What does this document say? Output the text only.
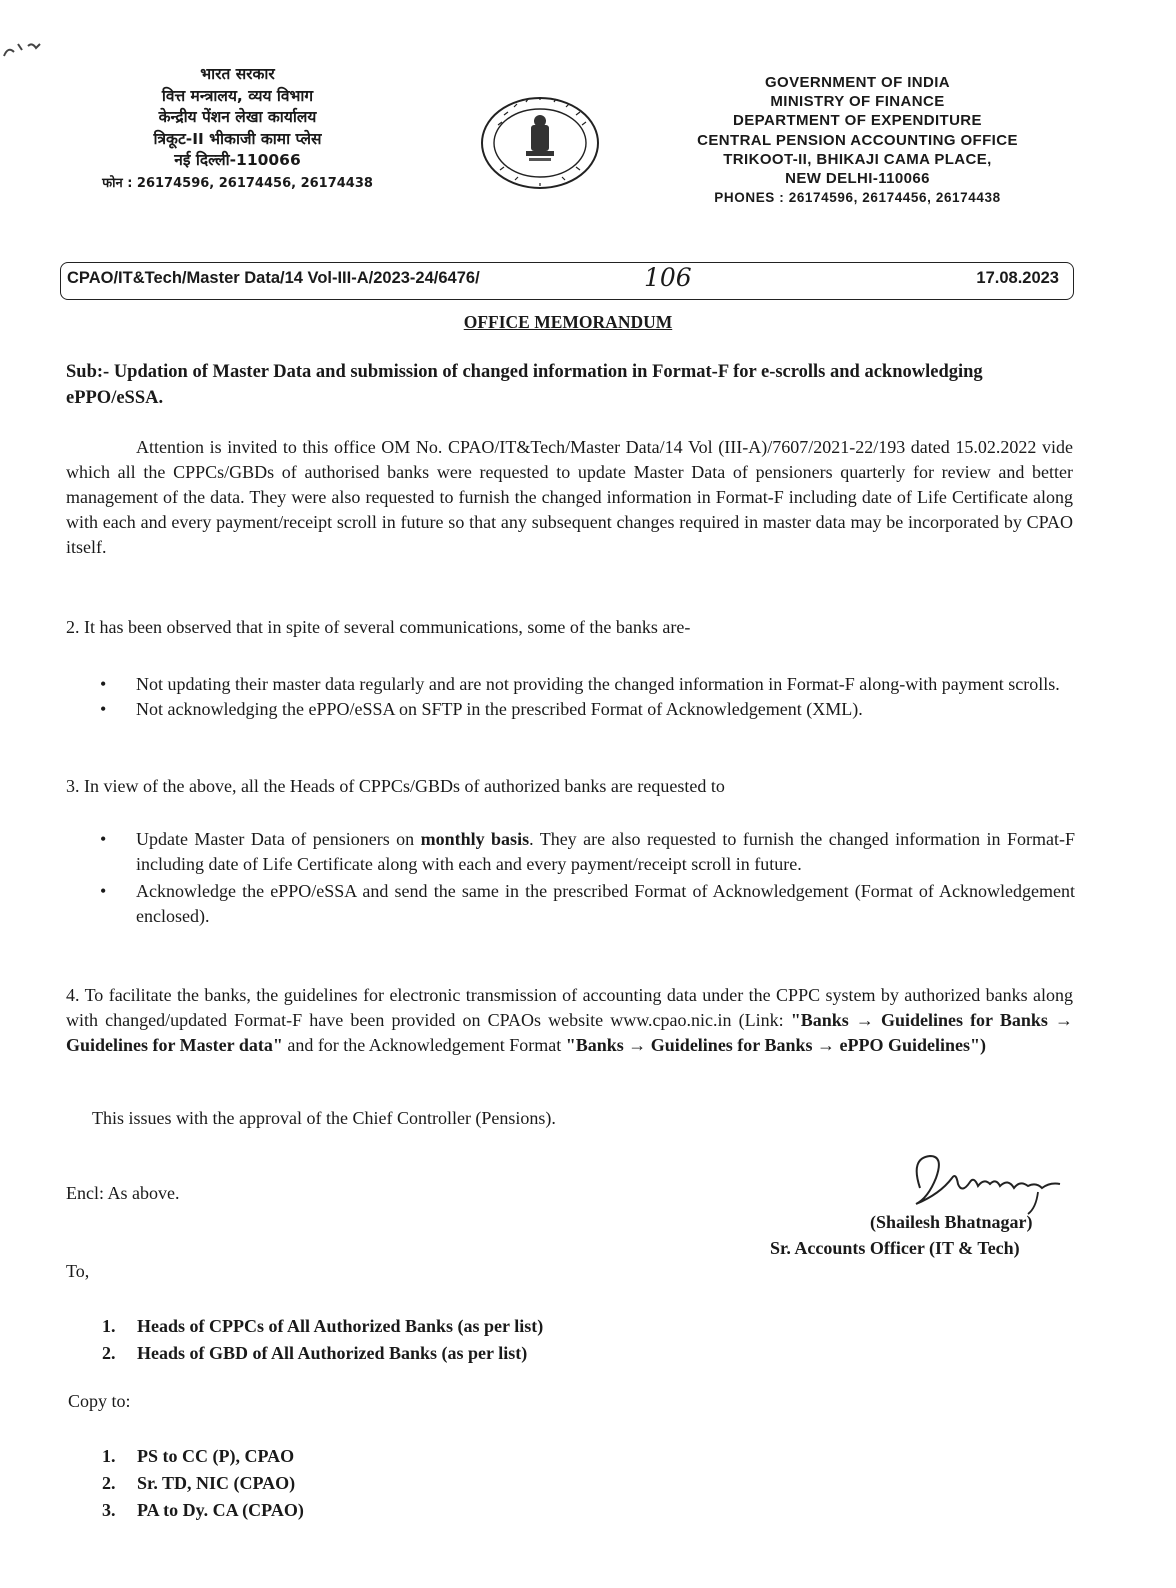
भारत सरकार
वित्त मन्त्रालय, व्यय विभाग
केन्द्रीय पेंशन लेखा कार्यालय
त्रिकूट-II भीकाजी कामा प्लेस
नई दिल्ली-110066
फोन : 26174596, 26174456, 26174438
GOVERNMENT OF INDIA
MINISTRY OF FINANCE
DEPARTMENT OF EXPENDITURE
CENTRAL PENSION ACCOUNTING OFFICE
TRIKOOT-II, BHIKAJI CAMA PLACE,
NEW DELHI-110066
PHONES : 26174596, 26174456, 26174438
CPAO/IT&Tech/Master Data/14 Vol-III-A/2023-24/6476/	106	17.08.2023
OFFICE MEMORANDUM
Sub:- Updation of Master Data and submission of changed information in Format-F for e-scrolls and acknowledging ePPO/eSSA.
Attention is invited to this office OM No. CPAO/IT&Tech/Master Data/14 Vol (III-A)/7607/2021-22/193 dated 15.02.2022 vide which all the CPPCs/GBDs of authorised banks were requested to update Master Data of pensioners quarterly for review and better management of the data. They were also requested to furnish the changed information in Format-F including date of Life Certificate along with each and every payment/receipt scroll in future so that any subsequent changes required in master data may be incorporated by CPAO itself.
2. It has been observed that in spite of several communications, some of the banks are-
• Not updating their master data regularly and are not providing the changed information in Format-F along-with payment scrolls.
• Not acknowledging the ePPO/eSSA on SFTP in the prescribed Format of Acknowledgement (XML).
3. In view of the above, all the Heads of CPPCs/GBDs of authorized banks are requested to
• Update Master Data of pensioners on monthly basis. They are also requested to furnish the changed information in Format-F including date of Life Certificate along with each and every payment/receipt scroll in future.
• Acknowledge the ePPO/eSSA and send the same in the prescribed Format of Acknowledgement (Format of Acknowledgement enclosed).
4. To facilitate the banks, the guidelines for electronic transmission of accounting data under the CPPC system by authorized banks along with changed/updated Format-F have been provided on CPAOs website www.cpao.nic.in (Link: "Banks → Guidelines for Banks → Guidelines for Master data" and for the Acknowledgement Format "Banks → Guidelines for Banks → ePPO Guidelines")
This issues with the approval of the Chief Controller (Pensions).
Encl: As above.
(Shailesh Bhatnagar)
Sr. Accounts Officer (IT & Tech)
To,
1. Heads of CPPCs of All Authorized Banks (as per list)
2. Heads of GBD of All Authorized Banks (as per list)
Copy to:
1. PS to CC (P), CPAO
2. Sr. TD, NIC (CPAO)
3. PA to Dy. CA (CPAO)
